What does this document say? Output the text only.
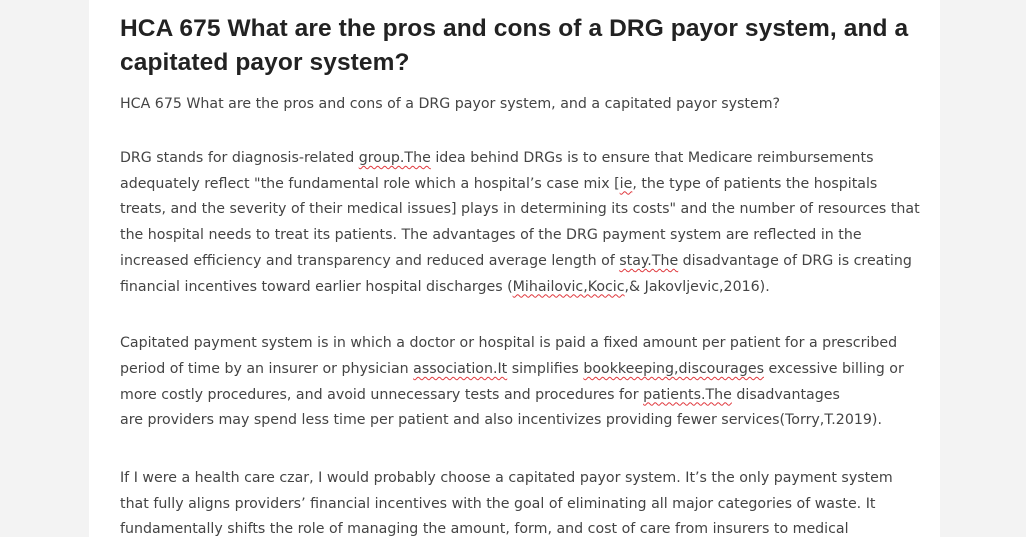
HCA 675 What are the pros and cons of a DRG payor system, and a capitated payor system?
HCA 675 What are the pros and cons of a DRG payor system, and a capitated payor system?
DRG stands for diagnosis-related group.The idea behind DRGs is to ensure that Medicare reimbursements
adequately reflect "the fundamental role which a hospital’s case mix [ie, the type of patients the hospitals
treats, and the severity of their medical issues] plays in determining its costs" and the number of resources that
the hospital needs to treat its patients. The advantages of the DRG payment system are reflected in the
increased efficiency and transparency and reduced average length of stay.The disadvantage of DRG is creating
financial incentives toward earlier hospital discharges (Mihailovic,Kocic,& Jakovljevic,2016).
Capitated payment system is in which a doctor or hospital is paid a fixed amount per patient for a prescribed
period of time by an insurer or physician association.It simplifies bookkeeping,discourages excessive billing or
more costly procedures, and avoid unnecessary tests and procedures for patients.The disadvantages
are providers may spend less time per patient and also incentivizes providing fewer services(Torry,T.2019).
If I were a health care czar, I would probably choose a capitated payor system. It’s the only payment system
that fully aligns providers’ financial incentives with the goal of eliminating all major categories of waste. It
fundamentally shifts the role of managing the amount, form, and cost of care from insurers to medical
